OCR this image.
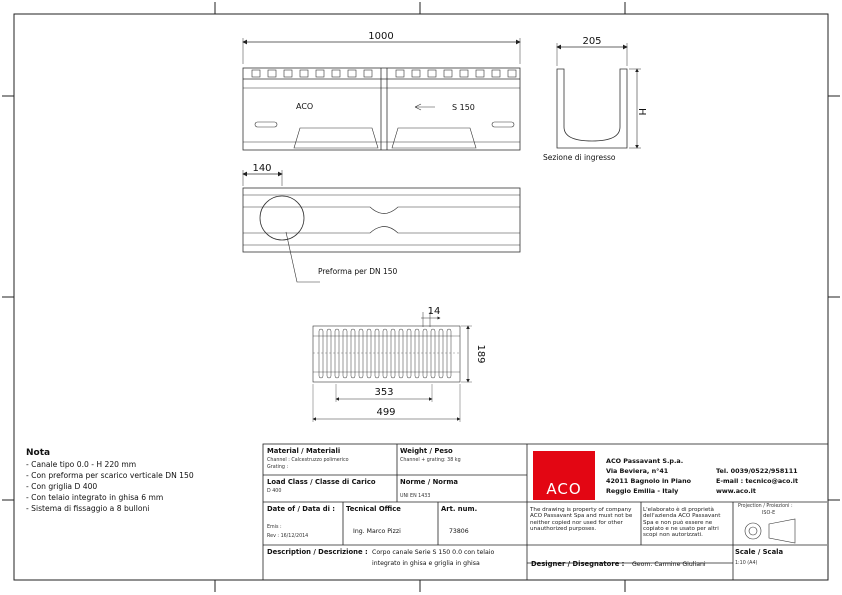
1000	205
H
140
ACO	S 150
Sezione di ingresso
Preforma per DN 150
14
189
353
499
Nota
- Canale tipo 0.0 - H 220 mm
- Con preforma per scarico verticale DN 150
- Con griglia D 400
- Con telaio integrato in ghisa 6 mm
- Sistema di fissaggio a 8 bulloni
Material / Materiali
Channel : Calcestruzzo polimerico
Grating :
Weight / Peso
Channel + grating: 38 kg
Load Class / Classe di Carico
D 400
Norme / Norma
UNI EN 1433
Date of / Data di :
Emis :
Rev : 16/12/2014
Tecnical Office
Ing. Marco Pizzi
Art. num.
73806
Description / Descrizione : Corpo canale Serie S 150 0.0 con telaio
integrato in ghisa e griglia in ghisa	Designer / Disegnatore : Geom. Carmine Giuliani
Scale / Scala
1:10 (A4)
Projection / Proiezioni :
ISO-E
ACO
ACO Passavant S.p.a.
Via Beviera, n°41
42011 Bagnolo in Piano
Reggio Emilia - Italy
Tel. 0039/0522/958111
E-mail : tecnico@aco.it
www.aco.it
The drawing is property of company ACO Passavant Spa and must not be neither copied nor used for other unauthorized purposes.
L'elaborato è di proprietà dell'azienda ACO Passavant Spa e non può essere ne copiato e ne usato per altri scopi non autorizzati.
